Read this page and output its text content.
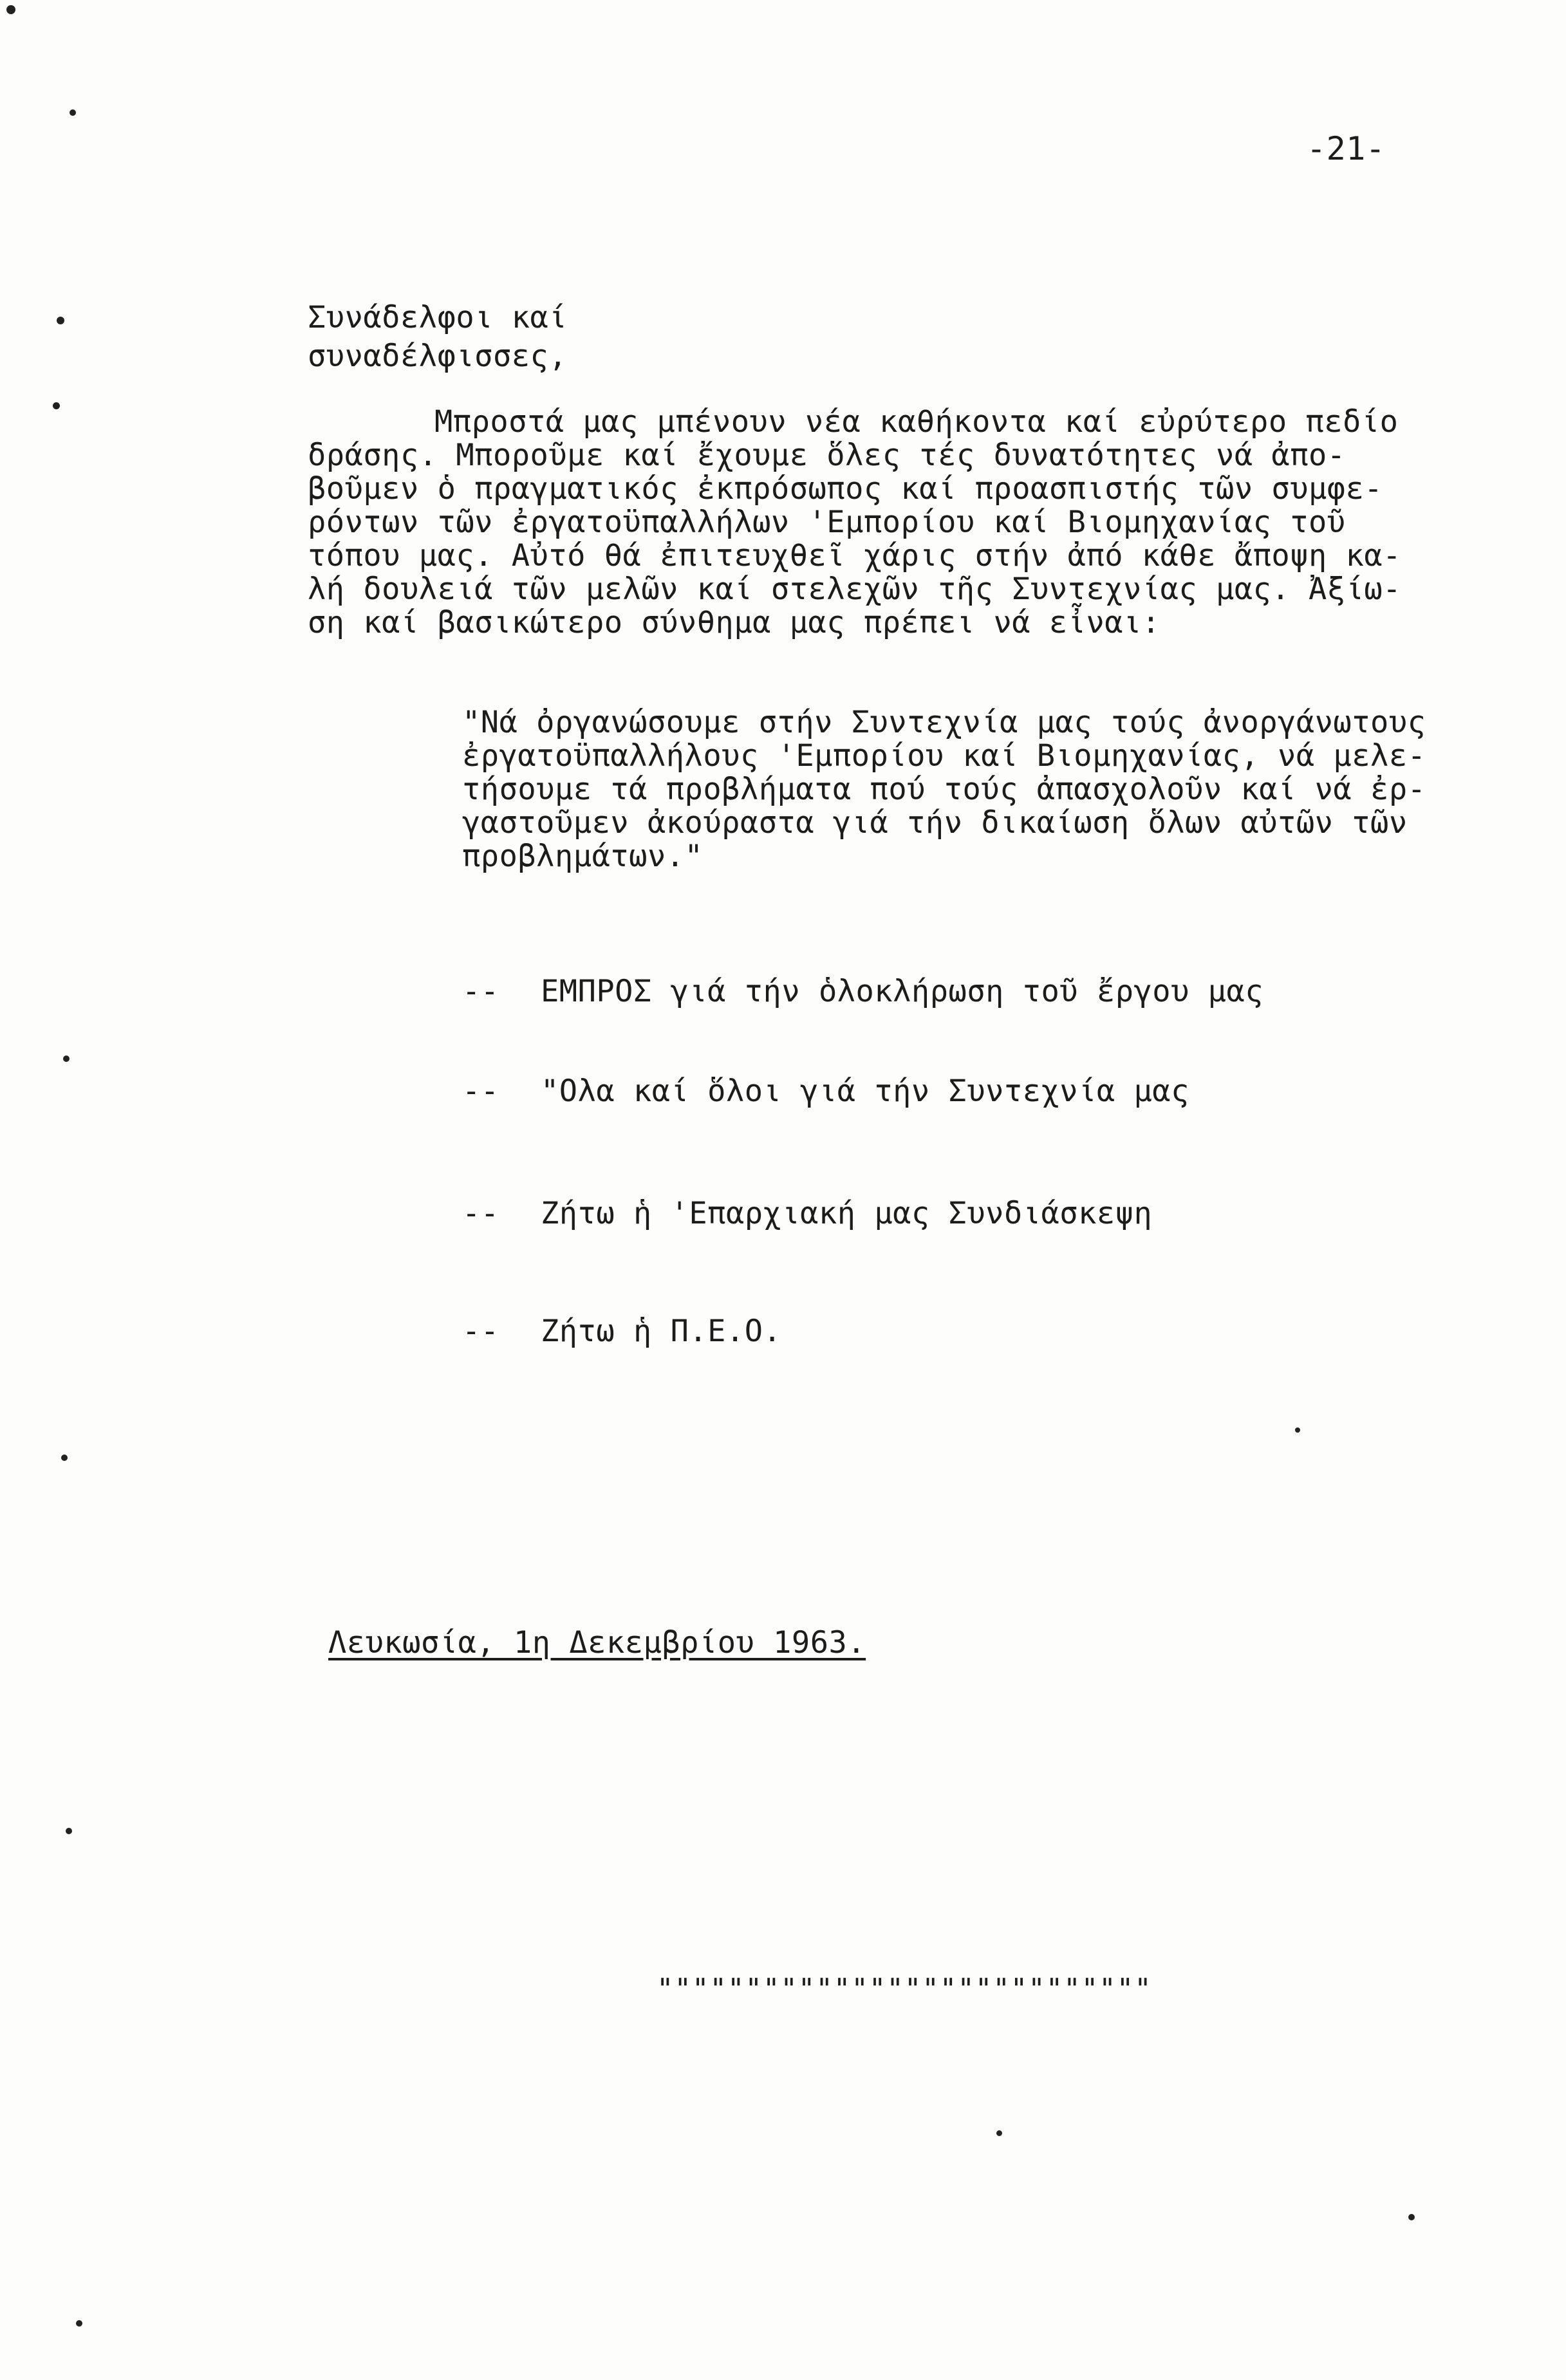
-21-
Συνάδελφοι καί
συναδέλφισσες,
Μπροστά μας μπένουν νέα καθήκοντα καί εὐρύτερο πεδίο
δράσης. Μποροῦμε καί ἔχουμε ὅλες τές δυνατότητες νά ἀπο-
βοῦμεν ὁ πραγματικός ἐκπρόσωπος καί προασπιστής τῶν συμφε-
ρόντων τῶν ἐργατοϋπαλλήλων 'Εμπορίου καί Βιομηχανίας τοῦ
τόπου μας. Αὐτό θά ἐπιτευχθεῖ χάρις στήν ἀπό κάθε ἄποψη κα-
λή δουλειά τῶν μελῶν καί στελεχῶν τῆς Συντεχνίας μας. Ἀξίω-
ση καί βασικώτερο σύνθημα μας πρέπει νά εἶναι:
"Νά ὀργανώσουμε στήν Συντεχνία μας τούς ἀνοργάνωτους
ἐργατοϋπαλλήλους 'Εμπορίου καί Βιομηχανίας, νά μελε-
τήσουμε τά προβλήματα πού τούς ἀπασχολοῦν καί νά ἐρ-
γαστοῦμεν ἀκούραστα γιά τήν δικαίωση ὅλων αὐτῶν τῶν
προβλημάτων."
-- ΕΜΠΡΟΣ γιά τήν ὁλοκλήρωση τοῦ ἔργου μας
-- "Ολα καί ὅλοι γιά τήν Συντεχνία μας
-- Ζήτω ἡ 'Επαρχιακή μας Συνδιάσκεψη
-- Ζήτω ἡ Π.Ε.Ο.
Λευκωσία, 1η Δεκεμβρίου 1963.
""""""""""""""""""""""""""""
